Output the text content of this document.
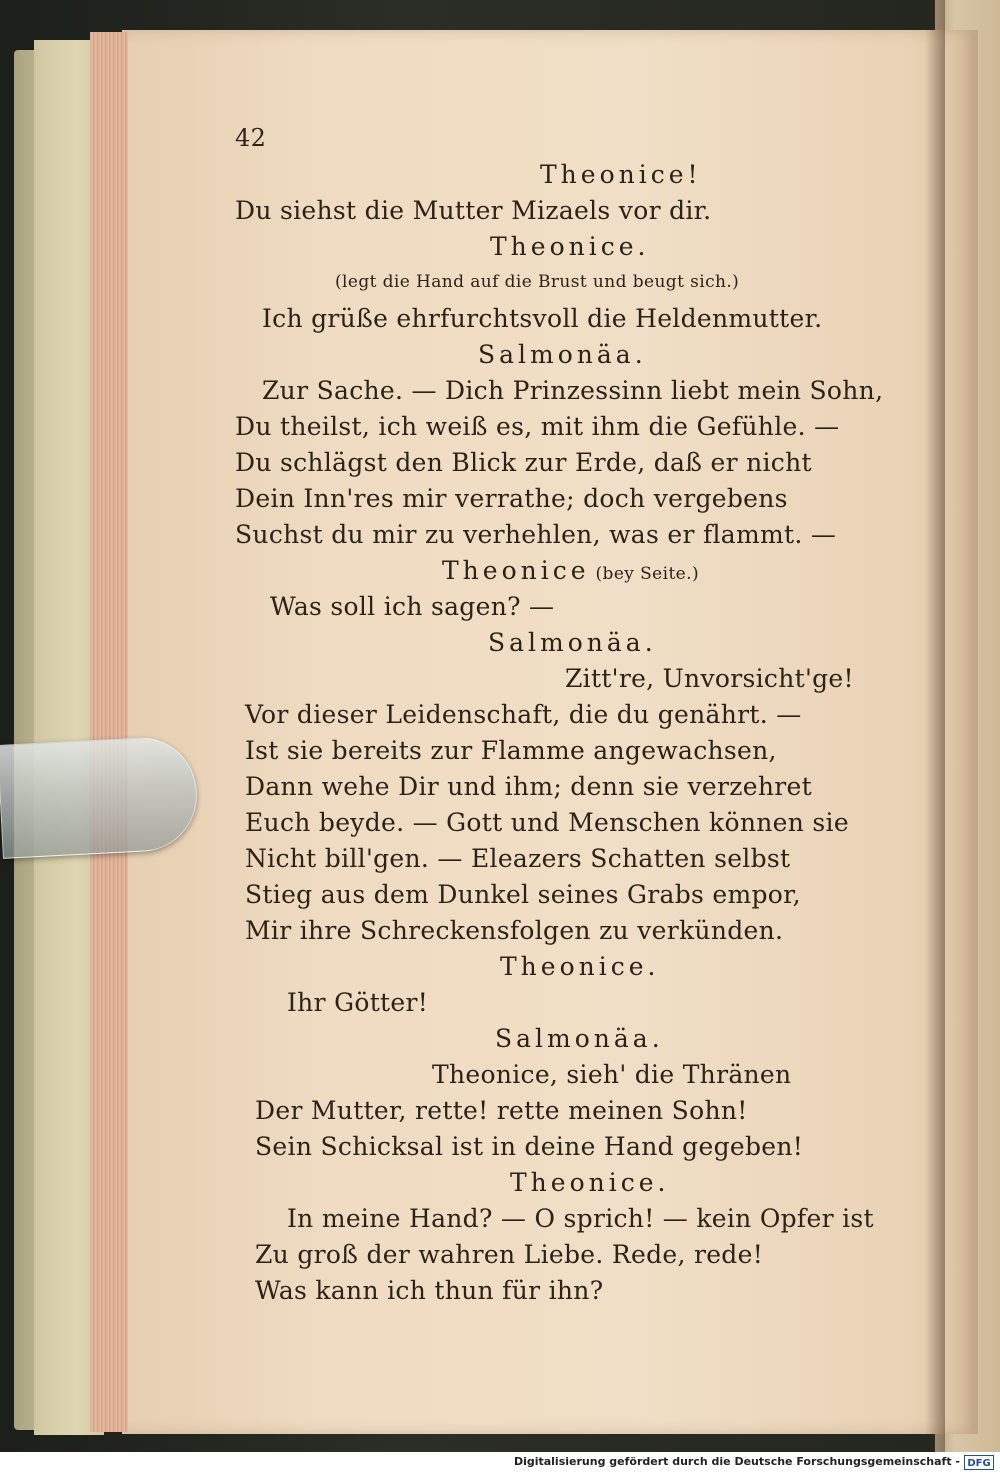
42
Theonice!
Du siehst die Mutter Mizaels vor dir.
Theonice.
(legt die Hand auf die Brust und beugt sich.)
Ich grüße ehrfurchtsvoll die Heldenmutter.
Salmonäa.
Zur Sache. — Dich Prinzessinn liebt mein Sohn,
Du theilst, ich weiß es, mit ihm die Gefühle. —
Du schlägst den Blick zur Erde, daß er nicht
Dein Inn'res mir verrathe; doch vergebens
Suchst du mir zu verhehlen, was er flammt. —
Theonice (bey Seite.)
Was soll ich sagen? —
Salmonäa.
Zitt're, Unvorsicht'ge!
Vor dieser Leidenschaft, die du genährt. —
Ist sie bereits zur Flamme angewachsen,
Dann wehe Dir und ihm; denn sie verzehret
Euch beyde. — Gott und Menschen können sie
Nicht bill'gen. — Eleazers Schatten selbst
Stieg aus dem Dunkel seines Grabs empor,
Mir ihre Schreckensfolgen zu verkünden.
Theonice.
Ihr Götter!
Salmonäa.
Theonice, sieh' die Thränen
Der Mutter, rette! rette meinen Sohn!
Sein Schicksal ist in deine Hand gegeben!
Theonice.
In meine Hand? — O sprich! — kein Opfer ist
Zu groß der wahren Liebe. Rede, rede!
Was kann ich thun für ihn?
Digitalisierung gefördert durch die Deutsche Forschungsgemeinschaft - DFG
